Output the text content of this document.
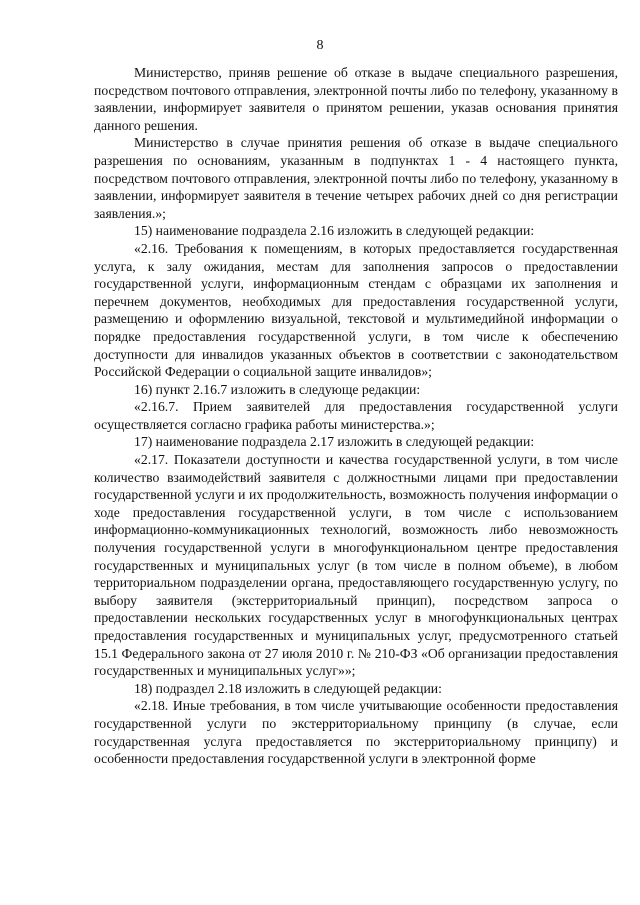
8

Министерство, приняв решение об отказе в выдаче специального разрешения, посредством почтового отправления, электронной почты либо по телефону, указанному в заявлении, информирует заявителя о принятом решении, указав основания принятия данного решения.

Министерство в случае принятия решения об отказе в выдаче специального разрешения по основаниям, указанным в подпунктах 1 - 4 настоящего пункта, посредством почтового отправления, электронной почты либо по телефону, указанному в заявлении, информирует заявителя в течение четырех рабочих дней со дня регистрации заявления.»;

15) наименование подраздела 2.16 изложить в следующей редакции:

«2.16. Требования к помещениям, в которых предоставляется государственная услуга, к залу ожидания, местам для заполнения запросов о предоставлении государственной услуги, информационным стендам с образцами их заполнения и перечнем документов, необходимых для предоставления государственной услуги, размещению и оформлению визуальной, текстовой и мультимедийной информации о порядке предоставления государственной услуги, в том числе к обеспечению доступности для инвалидов указанных объектов в соответствии с законодательством Российской Федерации о социальной защите инвалидов»;

16) пункт 2.16.7 изложить в следующе редакции:

«2.16.7. Прием заявителей для предоставления государственной услуги осуществляется согласно графика работы министерства.»;

17) наименование подраздела 2.17 изложить в следующей редакции:

«2.17. Показатели доступности и качества государственной услуги, в том числе количество взаимодействий заявителя с должностными лицами при предоставлении государственной услуги и их продолжительность, возможность получения информации о ходе предоставления государственной услуги, в том числе с использованием информационно-коммуникационных технологий, возможность либо невозможность получения государственной услуги в многофункциональном центре предоставления государственных и муниципальных услуг (в том числе в полном объеме), в любом территориальном подразделении органа, предоставляющего государственную услугу, по выбору заявителя (экстерриториальный принцип), посредством запроса о предоставлении нескольких государственных услуг в многофункциональных центрах предоставления государственных и муниципальных услуг, предусмотренного статьей 15.1 Федерального закона от 27 июля 2010 г. № 210-ФЗ «Об организации предоставления государственных и муниципальных услуг»»;

18) подраздел 2.18 изложить в следующей редакции:

«2.18. Иные требования, в том числе учитывающие особенности предоставления государственной услуги по экстерриториальному принципу (в случае, если государственная услуга предоставляется по экстерриториальному принципу) и особенности предоставления государственной услуги в электронной форме
